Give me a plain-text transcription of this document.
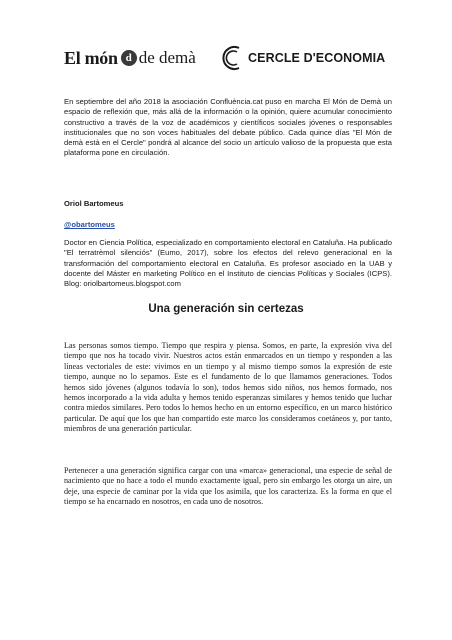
El món d de demà	CERCLE D'ECONOMIA
En septiembre del año 2018 la asociación Confluència.cat puso en marcha El Món de Demà un espacio de reflexión que, más allá de la información o la opinión, quiere acumular conocimiento constructivo a través de la voz de académicos y científicos sociales jóvenes o responsables institucionales que no son voces habituales del debate público. Cada quince días "El Món de demà està en el Cercle" pondrá al alcance del socio un artículo valioso de la propuesta que esta plataforma pone en circulación.
Oriol Bartomeus
@obartomeus
Doctor en Ciencia Política, especializado en comportamiento electoral en Cataluña. Ha publicado "El terratrèmol silenciós" (Eumo, 2017), sobre los efectos del relevo generacional en la transformación del comportamiento electoral en Cataluña. Es profesor asociado en la UAB y docente del Máster en marketing Político en el Instituto de ciencias Políticas y Sociales (ICPS). Blog: oriolbartomeus.blogspot.com
Una generación sin certezas
Las personas somos tiempo. Tiempo que respira y piensa. Somos, en parte, la expresión viva del tiempo que nos ha tocado vivir. Nuestros actos están enmarcados en un tiempo y responden a las líneas vectoriales de este: vivimos en un tiempo y al mismo tiempo somos la expresión de este tiempo, aunque no lo sepamos. Este es el fundamento de lo que llamamos generaciones. Todos hemos sido jóvenes (algunos todavía lo son), todos hemos sido niños, nos hemos formado, nos hemos incorporado a la vida adulta y hemos tenido esperanzas similares y hemos tenido que luchar contra miedos similares. Pero todos lo hemos hecho en un entorno específico, en un marco histórico particular. De aquí que los que han compartido este marco los consideramos coetáneos y, por tanto, miembros de una generación particular.
Pertenecer a una generación significa cargar con una «marca» generacional, una especie de señal de nacimiento que no hace a todo el mundo exactamente igual, pero sin embargo les otorga un aire, un deje, una especie de caminar por la vida que los asimila, que los caracteriza. Es la forma en que el tiempo se ha encarnado en nosotros, en cada uno de nosotros.
